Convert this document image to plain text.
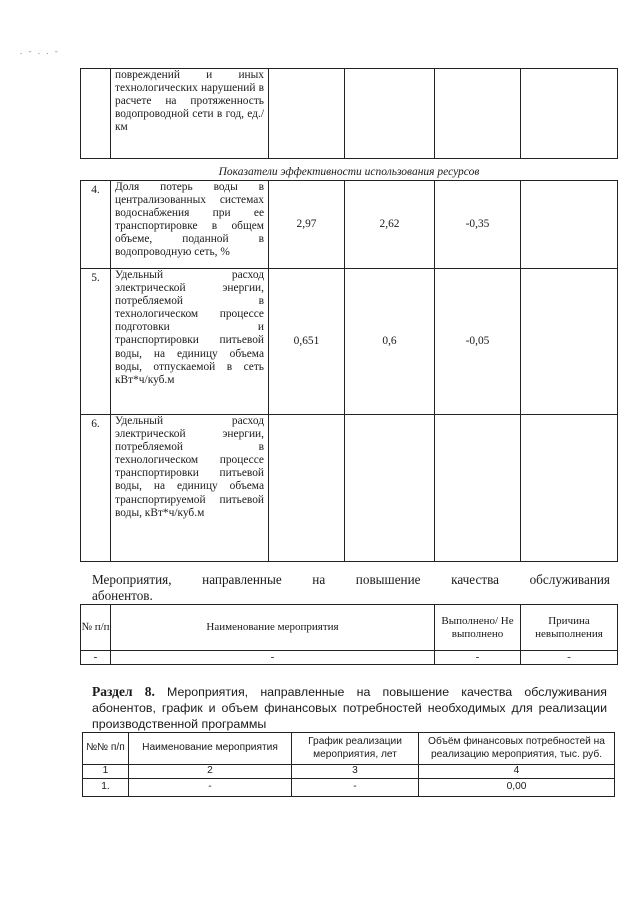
. - . . -
	повреждений и иных технологических нарушений в расчете на протяженность водопроводной сети в год, ед./км				
Показатели эффективности использования ресурсов					
4.	Доля потерь воды в централизованных системах водоснабжения при ее транспортировке в общем объеме, поданной в водопроводную сеть, %	2,97	2,62	-0,35	
5.	Удельный расход электрической энергии, потребляемой в технологическом процессе подготовки и транспортировки питьевой воды, на единицу объема воды, отпускаемой в сеть кВт*ч/куб.м	0,651	0,6	-0,05	
6.	Удельный расход электрической энергии, потребляемой в технологическом процессе транспортировки питьевой воды, на единицу объема транспортируемой питьевой воды, кВт*ч/куб.м				
Мероприятия, направленные на повышение качества обслуживания
абонентов.
№ п/п	Наименование мероприятия	Выполнено/ Не выполнено	Причина невыполнения
-	-	-	-
Раздел 8. Мероприятия, направленные на повышение качества обслуживания абонентов, график и объем финансовых потребностей необходимых для реализации производственной программы
№№ п/п	Наименование мероприятия	График реализации мероприятия, лет	Объём финансовых потребностей на реализацию мероприятия, тыс. руб.
1	2	3	4
1.	-	-	0,00
